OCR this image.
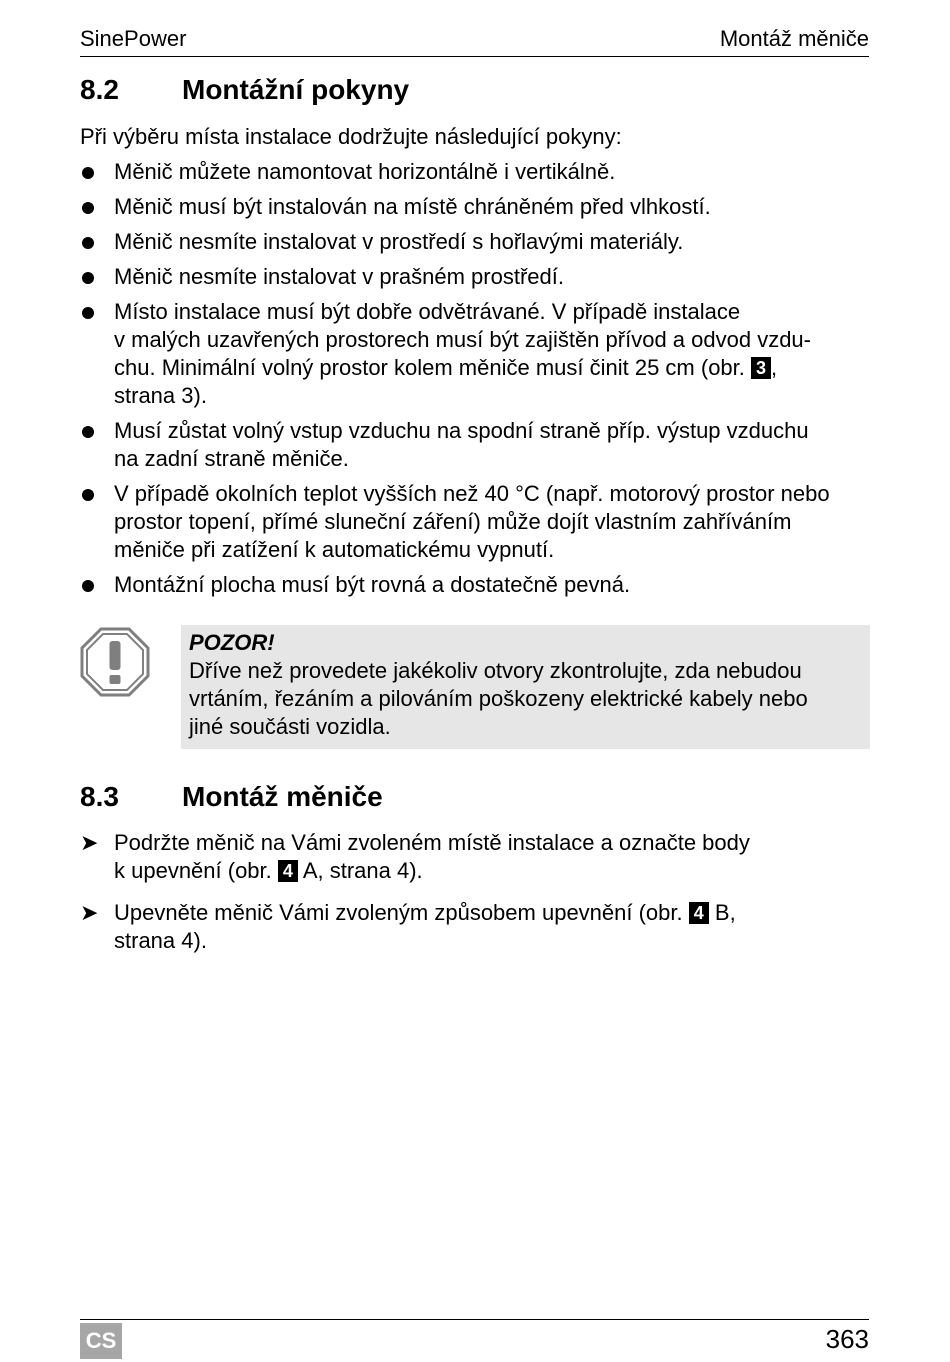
SinePower	Montáž měniče
8.2 Montážní pokyny
Při výběru místa instalace dodržujte následující pokyny:
Měnič můžete namontovat horizontálně i vertikálně.
Měnič musí být instalován na místě chráněném před vlhkostí.
Měnič nesmíte instalovat v prostředí s hořlavými materiály.
Měnič nesmíte instalovat v prašném prostředí.
Místo instalace musí být dobře odvětrávané. V případě instalace
v malých uzavřených prostorech musí být zajištěn přívod a odvod vzdu-
chu. Minimální volný prostor kolem měniče musí činit 25 cm (obr. 3 ,
strana 3).
Musí zůstat volný vstup vzduchu na spodní straně příp. výstup vzduchu
na zadní straně měniče.
V případě okolních teplot vyšších než 40 °C (např. motorový prostor nebo
prostor topení, přímé sluneční záření) může dojít vlastním zahříváním
měniče při zatížení k automatickému vypnutí.
Montážní plocha musí být rovná a dostatečně pevná.
POZOR!
Dříve než provedete jakékoliv otvory zkontrolujte, zda nebudou
vrtáním, řezáním a pilováním poškozeny elektrické kabely nebo
jiné součásti vozidla.
8.3 Montáž měniče
➤ Podržte měnič na Vámi zvoleném místě instalace a označte body
k upevnění (obr. 4 A, strana 4).
➤ Upevněte měnič Vámi zvoleným způsobem upevnění (obr. 4 B,
strana 4).
CS	363
